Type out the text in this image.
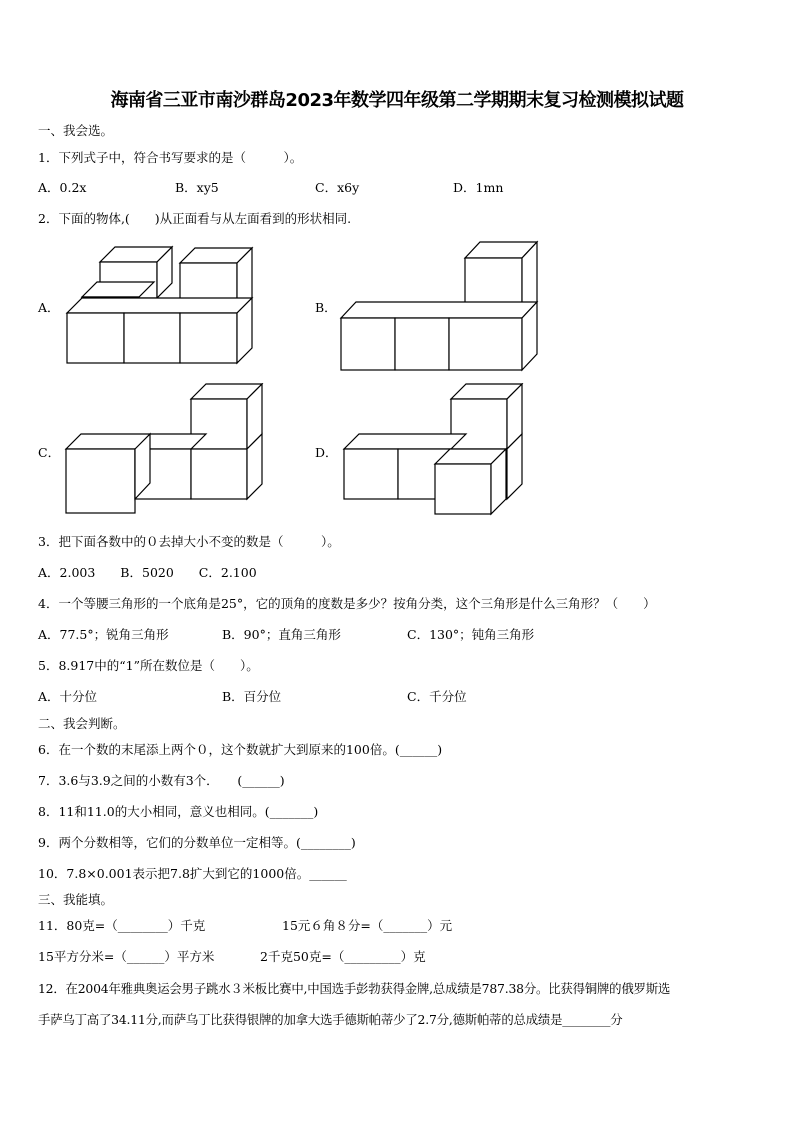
海南省三亚市南沙群岛2023年数学四年级第二学期期末复习检测模拟试题
一、我会选。
1．下列式子中，符合书写要求的是（　　　）。
A．0.2x	B．xy5	C．x6y	D．1mn
2．下面的物体,(　　)从正面看与从左面看到的形状相同.
A．	B．
C．	D．
3．把下面各数中的０去掉大小不变的数是（　　　）。
A．2.003　　B．5020　　C．2.100
4．一个等腰三角形的一个底角是25°，它的顶角的度数是多少？按角分类，这个三角形是什么三角形？（　　）
A．77.5°；锐角三角形	B．90°；直角三角形	C．130°；钝角三角形
5．8.917中的“1”所在数位是（　　）。
A．十分位	B．百分位	C．千分位
二、我会判断。
6．在一个数的末尾添上两个０，这个数就扩大到原来的100倍。(______)
7．3.6与3.9之间的小数有3个．　　(______)
8．11和11.0的大小相同，意义也相同。(_______)
9．两个分数相等，它们的分数单位一定相等。(________)
10．7.8×0.001表示把7.8扩大到它的1000倍。______
三、我能填。
11．80克=（________）千克	15元６角８分=（_______）元
15平方分米=（______）平方米	2千克50克=（_________）克
12．在2004年雅典奥运会男子跳水３米板比赛中,中国选手彭勃获得金牌,总成绩是787.38分。比获得铜牌的俄罗斯选
手萨乌丁高了34.11分,而萨乌丁比获得银牌的加拿大选手德斯帕蒂少了2.7分,德斯帕蒂的总成绩是________分
